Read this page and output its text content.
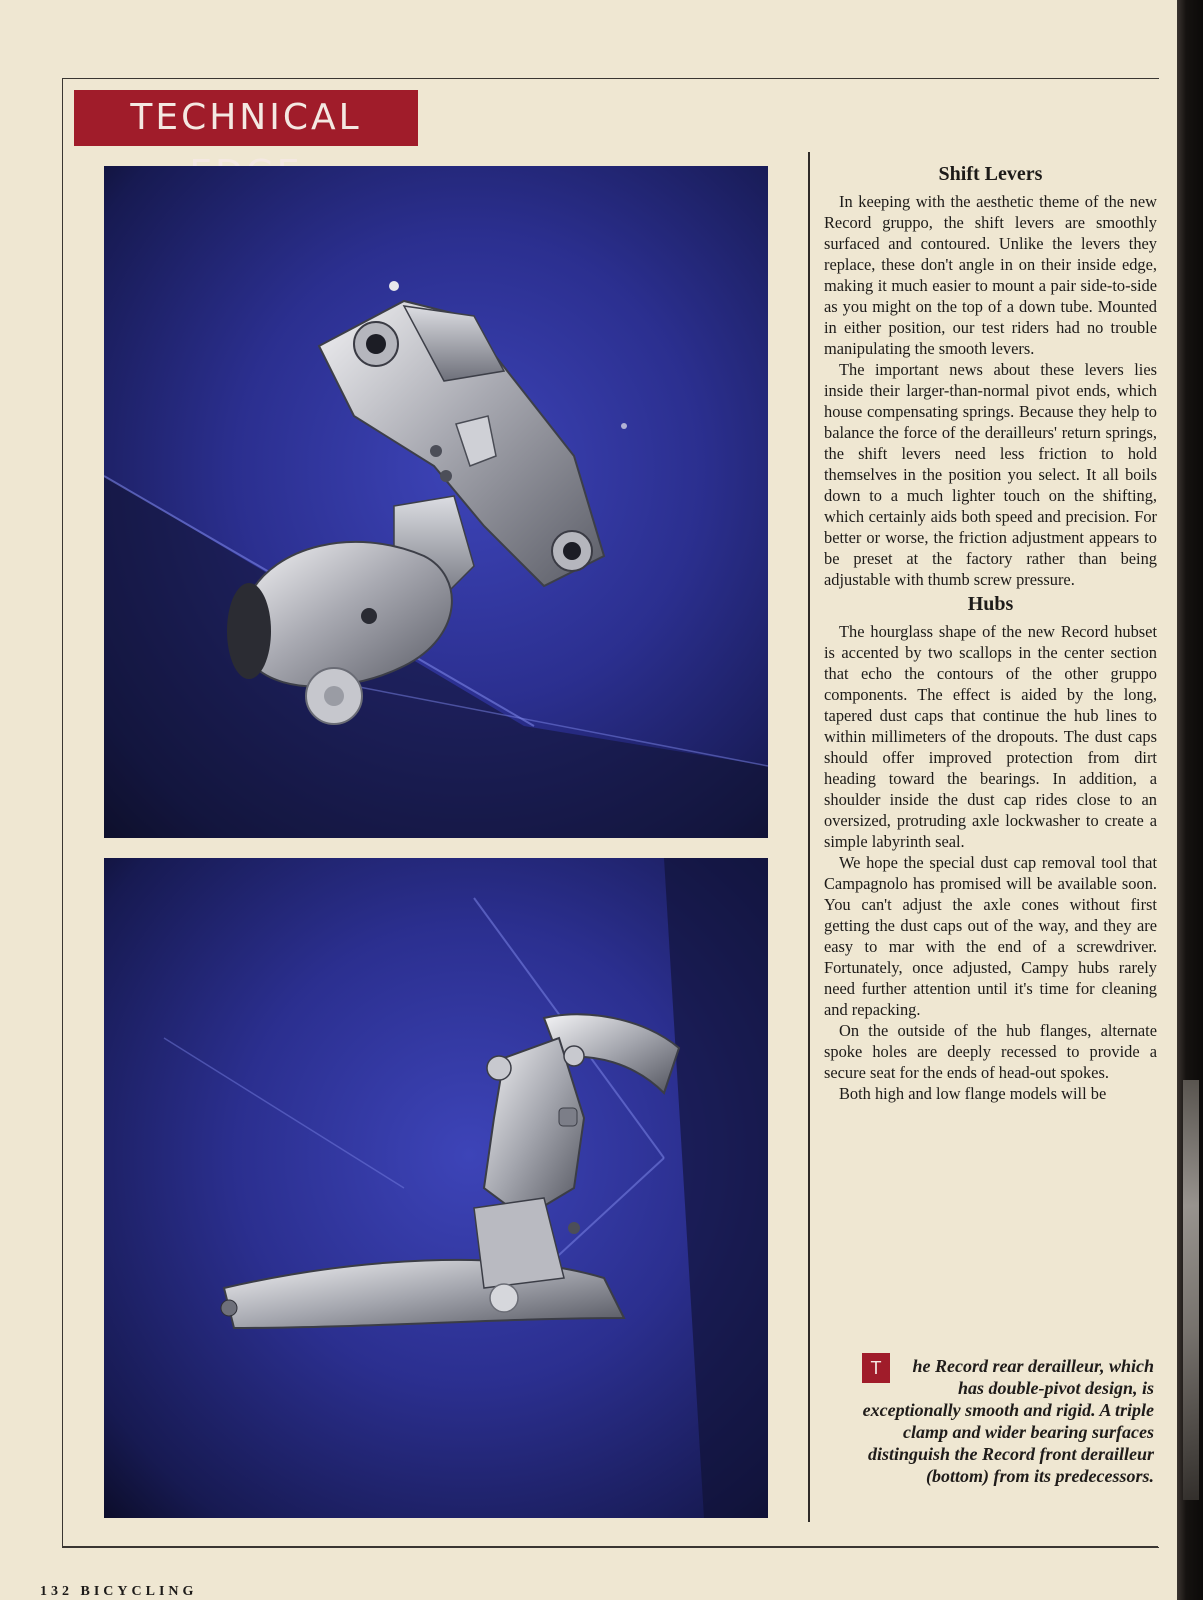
TECHNICAL
Shift Levers

In keeping with the aesthetic theme of the new Record gruppo, the shift levers are smoothly surfaced and contoured. Unlike the levers they replace, these don't angle in on their inside edge, making it much easier to mount a pair side-to-side as you might on the top of a down tube. Mounted in either position, our test riders had no trouble manipulating the smooth levers.

The important news about these levers lies inside their larger-than-normal pivot ends, which house compensating springs. Because they help to balance the force of the derailleurs' return springs, the shift levers need less friction to hold themselves in the position you select. It all boils down to a much lighter touch on the shifting, which certainly aids both speed and precision. For better or worse, the friction adjustment appears to be preset at the factory rather than being adjustable with thumb screw pressure.

Hubs

The hourglass shape of the new Record hubset is accented by two scallops in the center section that echo the contours of the other gruppo components. The effect is aided by the long, tapered dust caps that continue the hub lines to within millimeters of the dropouts. The dust caps should offer improved protection from dirt heading toward the bearings. In addition, a shoulder inside the dust cap rides close to an oversized, protruding axle lockwasher to create a simple labyrinth seal.

We hope the special dust cap removal tool that Campagnolo has promised will be available soon. You can't adjust the axle cones without first getting the dust caps out of the way, and they are easy to mar with the end of a screwdriver. Fortunately, once adjusted, Campy hubs rarely need further attention until it's time for cleaning and repacking.

On the outside of the hub flanges, alternate spoke holes are deeply recessed to provide a secure seat for the ends of head-out spokes.

Both high and low flange models will be

T	he Record rear derailleur, which has double-pivot design, is exceptionally smooth and rigid. A triple clamp and wider bearing surfaces distinguish the Record front derailleur (bottom) from its predecessors.
132 BICYCLING
